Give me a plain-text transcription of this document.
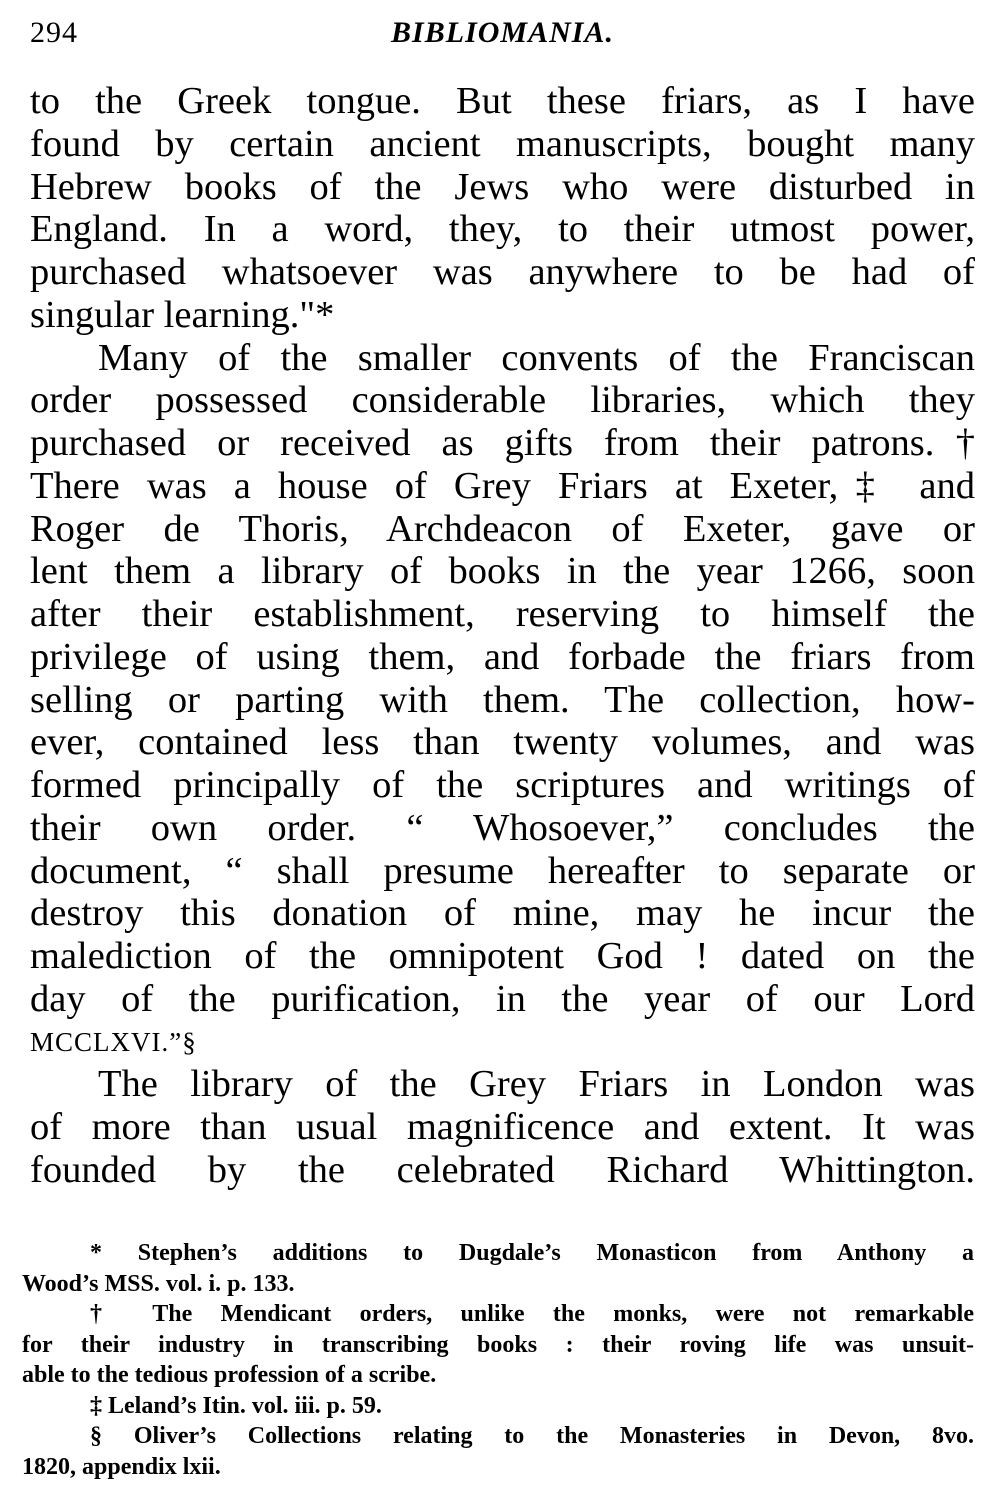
294	BIBLIOMANIA.
to the Greek tongue. But these friars, as I have
found by certain ancient manuscripts, bought many
Hebrew books of the Jews who were disturbed in
England. In a word, they, to their utmost power,
purchased whatsoever was anywhere to be had of
singular learning."*
Many of the smaller convents of the Franciscan
order possessed considerable libraries, which they
purchased or received as gifts from their patrons.†
There was a house of Grey Friars at Exeter,‡ and
Roger de Thoris, Archdeacon of Exeter, gave or
lent them a library of books in the year 1266, soon
after their establishment, reserving to himself the
privilege of using them, and forbade the friars from
selling or parting with them. The collection, how-
ever, contained less than twenty volumes, and was
formed principally of the scriptures and writings of
their own order. “ Whosoever,” concludes the
document, “ shall presume hereafter to separate or
destroy this donation of mine, may he incur the
malediction of the omnipotent God ! dated on the
day of the purification, in the year of our Lord
MCCLXVI.”§
The library of the Grey Friars in London was
of more than usual magnificence and extent. It was
founded by the celebrated Richard Whittington.
* Stephen’s additions to Dugdale’s Monasticon from Anthony a
Wood’s MSS. vol. i. p. 133.
† The Mendicant orders, unlike the monks, were not remarkable
for their industry in transcribing books : their roving life was unsuit-
able to the tedious profession of a scribe.
‡ Leland’s Itin. vol. iii. p. 59.
§ Oliver’s Collections relating to the Monasteries in Devon, 8vo.
1820, appendix lxii.
